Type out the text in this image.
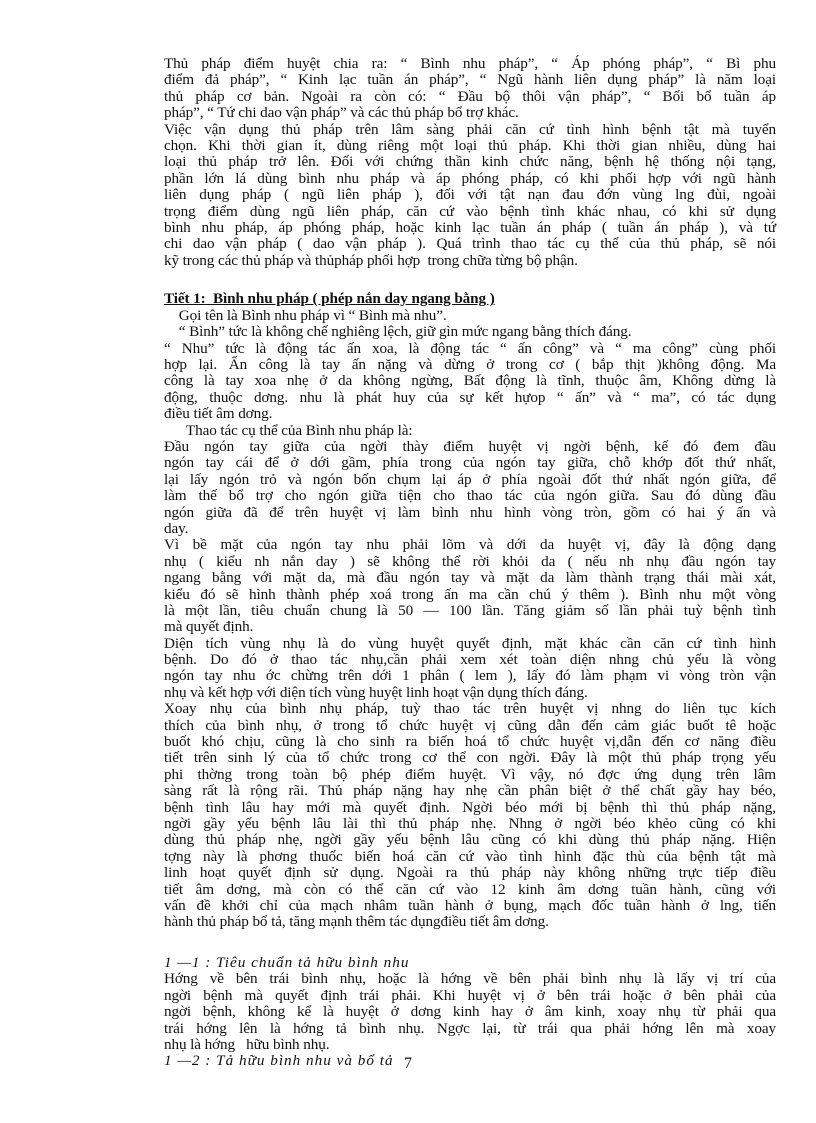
Thủ pháp điểm huyệt chia ra: “ Bình nhu pháp”, “ Áp phóng pháp”, “ Bì phu
điểm đả pháp”, “ Kinh lạc tuần án pháp”, “ Ngũ hành liên dụng pháp” là năm loại
thủ pháp cơ bản. Ngoài ra còn có: “ Đầu bộ thôi vận pháp”, “ Bối bổ tuần áp
pháp”, “ Tứ chi dao vận pháp” và các thủ pháp bổ trợ khác.
Việc vận dụng thủ pháp trên lâm sàng phải căn cứ tình hình bệnh tật mà tuyển
chọn. Khi thời gian ít, dùng riêng một loại thủ pháp. Khi thời gian nhiều, dùng hai
loại thủ pháp trở lên. Đối với chứng thần kinh chức năng, bệnh hệ thống nội tạng,
phần lớn lá dùng bình nhu pháp và áp phóng pháp, có khi phối hợp với ngũ hành
liên dụng pháp ( ngũ liên pháp ), đối với tật nạn đau đớn vùng lng đùi, ngoài
trọng điểm dùng ngũ liên pháp, căn cứ vào bệnh tình khác nhau, có khi sử dụng
bình nhu pháp, áp phóng pháp, hoặc kinh lạc tuần án pháp ( tuần án pháp ), và tứ
chi dao vận pháp ( dao vận pháp ). Quá trình thao tác cụ thể của thủ pháp, sẽ nói
kỹ trong các thủ pháp và thủpháp phối hợp  trong chữa từng bộ phận.
Tiết 1:  Bình nhu pháp ( phép nắn day ngang bằng )
Gọi tên là Bình nhu pháp vì “ Bình mà nhu”.
“ Bình” tức là không chế nghiêng lệch, giữ gìn mức ngang bằng thích đáng.
“ Nhu” tức là động tác ấn xoa, là động tác “ ấn công” và “ ma công” cùng phối
hợp lại. Ấn công là tay ấn nặng và dừng ở trong cơ ( bắp thịt )không động. Ma
công là tay xoa nhẹ ở da không ngừng, Bất động là tĩnh, thuộc âm, Không dừng là
động, thuộc dơng. nhu là phát huy của sự kết hựop “ ấn” và “ ma”, có tác dụng
điều tiết âm dơng.
Thao tác cụ thể của Bình nhu pháp là:
Đầu ngón tay giữa của ngời thày điểm huyệt vị ngời bệnh, kế đó đem đầu
ngón tay cái để ở dới gầm, phía trong của ngón tay giữa, chỗ khớp đốt thứ nhất,
lại lấy ngón trỏ và ngón bốn chụm lại áp ở phía ngoài đốt thứ nhất ngón giữa, để
làm thế bổ trợ cho ngón giữa tiện cho thao tác của ngón giữa. Sau đó dùng đầu
ngón giữa đã để trên huyệt vị làm bình nhu hình vòng tròn, gồm có hai ý ấn và
day.
Vì bề mặt của ngón tay nhu phải lõm và dới da huyệt vị, đây là động dạng
nhụ ( kiểu nh nắn day ) sẽ không thể rời khỏi da ( nếu nh nhụ đầu ngón tay
ngang bằng với mặt da, mà đầu ngón tay và mặt da làm thành trạng thái mài xát,
kiểu đó sẽ hình thành phép xoá trong ấn ma cần chú ý thêm ). Bình nhu một vòng
là một lần, tiêu chuẩn chung là 50 — 100 lần. Tăng giảm số lần phải tuỳ bệnh tình
mà quyết định.
Diện tích vùng nhụ là do vùng huyệt quyết định, mặt khác cần căn cứ tình hình
bệnh. Do đó ở thao tác nhụ,cần phải xem xét toàn diện nhng chủ yếu là vòng
ngón tay nhu ớc chừng trên dới 1 phân ( lem ), lấy đó làm phạm vi vòng tròn vận
nhụ và kết hợp với diện tích vùng huyệt linh hoạt vận dụng thích đáng.
Xoay nhụ của bình nhụ pháp, tuỳ thao tác trên huyệt vị nhng do liên tục kích
thích của bình nhụ, ở trong tổ chức huyệt vị cũng dẫn đến cảm giác buốt tê hoặc
buốt khó chịu, cũng là cho sinh ra biến hoá tổ chức huyệt vị,dẫn đến cơ năng điều
tiết trên sinh lý của tổ chức trong cơ thể con ngời. Đây là một thủ pháp trọng yếu
phi thờng trong toàn bộ phép điểm huyệt. Vì vậy, nó đợc ứng dụng trên lâm
sàng rất là rộng rãi. Thủ pháp nặng hay nhẹ cần phân biệt ở thể chất gầy hay béo,
bệnh tình lâu hay mới mà quyết định. Ngời béo mới bị bệnh thì thủ pháp nặng,
ngời gầy yếu bệnh lâu lài thì thủ pháp nhẹ. Nhng ở ngời béo khẻo cũng có khi
dùng thủ pháp nhẹ, ngời gầy yếu bệnh lâu cũng có khi dùng thủ pháp nặng. Hiện
tợng này là phơng thuốc biến hoá căn cứ vào tình hình đặc thù của bệnh tật mà
linh hoạt quyết định sử dụng. Ngoài ra thủ pháp này không những trực tiếp điều
tiết âm dơng, mà còn có thể căn cứ vào 12 kinh âm dơng tuần hành, cũng với
vấn đề khởi chỉ của mạch nhâm tuần hành ở bụng, mạch đốc tuần hành ở lng, tiến
hành thủ pháp bổ tả, tăng mạnh thêm tác dụngđiều tiết âm dơng.
1 —1 : Tiêu chuẩn tả hữu bình nhu
Hớng về bên trái bình nhụ, hoặc là hớng về bên phải bình nhụ là lấy vị trí của
ngời bệnh mà quyết định trái phải. Khi huyệt vị ở bên trái hoặc ở bên phải của
ngời bệnh, không kể là huyệt ở dơng kinh hay ở âm kinh, xoay nhụ từ phải qua
trái hớng lên là hớng tả bình nhụ. Ngợc lại, từ trái qua phải hớng lên mà xoay
nhụ là hớng   hữu bình nhụ.
1 —2 : Tả hữu bình nhu và bổ tả 7
